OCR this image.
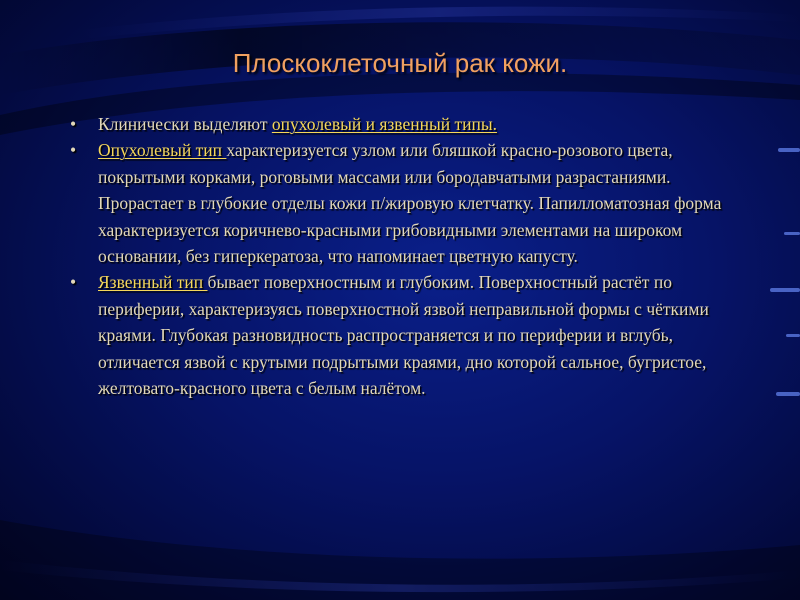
Плоскоклеточный рак кожи.
• Клинически выделяют опухолевый и язвенный типы.
• Опухолевый тип характеризуется узлом или бляшкой красно-розового цвета, покрытыми корками, роговыми массами или бородавчатыми разрастаниями. Прорастает в глубокие отделы кожи п/жировую клетчатку. Папилломатозная форма характеризуется коричнево-красными грибовидными элементами на широком основании, без гиперкератоза, что напоминает цветную капусту.
• Язвенный тип бывает поверхностным и глубоким. Поверхностный растёт по периферии, характеризуясь поверхностной язвой неправильной формы с чёткими краями. Глубокая разновидность распространяется и по периферии и вглубь, отличается язвой с крутыми подрытыми краями, дно которой сальное, бугристое, желтовато-красного цвета с белым налётом.
